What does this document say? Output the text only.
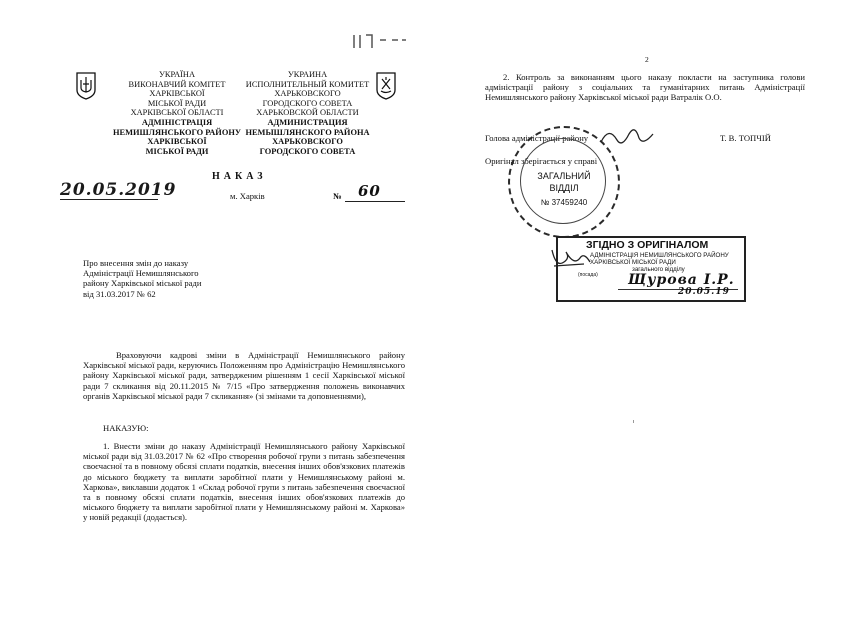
УКРАЇНА
ВИКОНАВЧИЙ КОМІТЕТ
ХАРКІВСЬКОЇ
МІСЬКОЇ РАДИ
ХАРКІВСЬКОЇ ОБЛАСТІ
АДМІНІСТРАЦІЯ
НЕМИШЛЯНСЬКОГО РАЙОНУ
ХАРКІВСЬКОЇ
МІСЬКОЇ РАДИ
УКРАИНА
ИСПОЛНИТЕЛЬНЫЙ КОМИТЕТ
ХАРЬКОВСКОГО
ГОРОДСКОГО СОВЕТА
ХАРЬКОВСКОЙ ОБЛАСТИ
АДМИНИСТРАЦИЯ
НЕМЫШЛЯНСКОГО РАЙОНА
ХАРЬКОВСКОГО
ГОРОДСКОГО СОВЕТА
НАКАЗ
20.05.2019	м. Харків	№ 60
Про внесення змін до наказу
Адміністрації Немишлянського
району Харківської міської ради
від 31.03.2017 № 62
Враховуючи кадрові зміни в Адміністрації Немишлянського району Харківської міської ради, керуючись Положенням про Адміністрацію Немишлянського району Харківської міської ради, затвердженим рішенням 1 сесії Харківської міської ради 7 скликання від 20.11.2015 № 7/15 «Про затвердження положень виконавчих органів Харківської міської ради 7 скликання» (зі змінами та доповненнями),
НАКАЗУЮ:
1. Внести зміни до наказу Адміністрації Немишлянського району Харківської міської ради від 31.03.2017 № 62 «Про створення робочої групи з питань забезпечення своєчасної та в повному обсязі сплати податків, внесення інших обов'язкових платежів до міського бюджету та виплати заробітної плати у Немишлянському районі м. Харкова», виклавши додаток 1 «Склад робочої групи з питань забезпечення своєчасної та в повному обсязі сплати податків, внесення інших обов'язкових платежів до міського бюджету та виплати заробітної плати у Немишлянському районі м. Харкова» у новій редакції (додається).
2
2. Контроль за виконанням цього наказу покласти на заступника голови адміністрації району з соціальних та гуманітарних питань Адміністрації Немишлянського району Харківської міської ради Ватралік О.О.
Голова адміністрації району	Т. В. ТОПЧІЙ
Оригінал зберігається у справі
ЗАГАЛЬНИЙ
ВІДДІЛ
№ 37459240
ЗГІДНО З ОРИГІНАЛОМ
АДМІНІСТРАЦІЯ НЕМИШЛЯНСЬКОГО РАЙОНУ
ХАРКІВСЬКОЇ МІСЬКОЇ РАДИ
загального відділу
(посада) Щурова І.Р.
20.05.19
